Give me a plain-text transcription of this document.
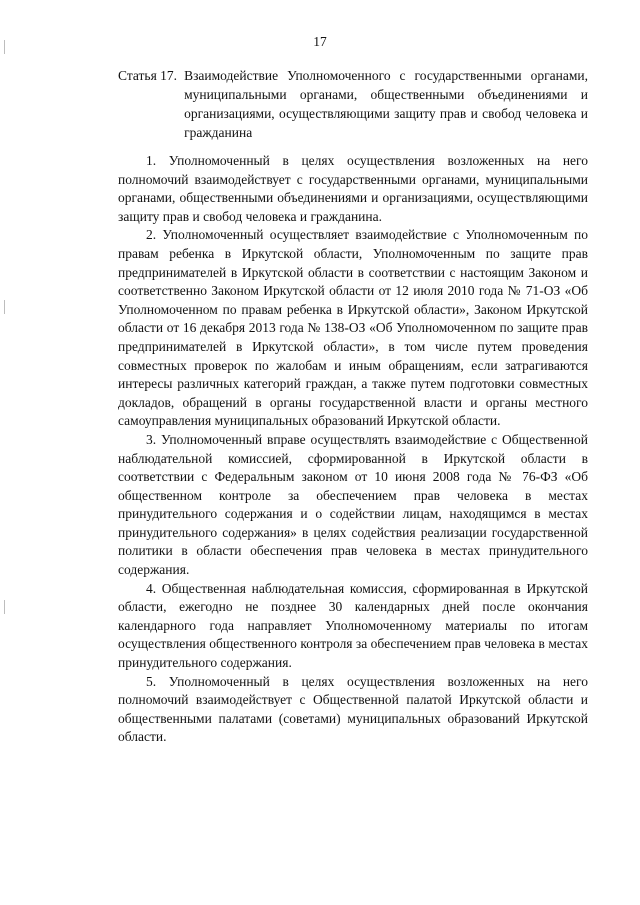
17
Статья 17. Взаимодействие Уполномоченного с государственными органами, муниципальными органами, общественными объединениями и организациями, осуществляющими защиту прав и свобод человека и гражданина

1. Уполномоченный в целях осуществления возложенных на него полномочий взаимодействует с государственными органами, муниципальными органами, общественными объединениями и организациями, осуществляющими защиту прав и свобод человека и гражданина.

2. Уполномоченный осуществляет взаимодействие с Уполномоченным по правам ребенка в Иркутской области, Уполномоченным по защите прав предпринимателей в Иркутской области в соответствии с настоящим Законом и соответственно Законом Иркутской области от 12 июля 2010 года № 71-ОЗ «Об Уполномоченном по правам ребенка в Иркутской области», Законом Иркутской области от 16 декабря 2013 года № 138-ОЗ «Об Уполномоченном по защите прав предпринимателей в Иркутской области», в том числе путем проведения совместных проверок по жалобам и иным обращениям, если затрагиваются интересы различных категорий граждан, а также путем подготовки совместных докладов, обращений в органы государственной власти и органы местного самоуправления муниципальных образований Иркутской области.

3. Уполномоченный вправе осуществлять взаимодействие с Общественной наблюдательной комиссией, сформированной в Иркутской области в соответствии с Федеральным законом от 10 июня 2008 года № 76-ФЗ «Об общественном контроле за обеспечением прав человека в местах принудительного содержания и о содействии лицам, находящимся в местах принудительного содержания» в целях содействия реализации государственной политики в области обеспечения прав человека в местах принудительного содержания.

4. Общественная наблюдательная комиссия, сформированная в Иркутской области, ежегодно не позднее 30 календарных дней после окончания календарного года направляет Уполномоченному материалы по итогам осуществления общественного контроля за обеспечением прав человека в местах принудительного содержания.

5. Уполномоченный в целях осуществления возложенных на него полномочий взаимодействует с Общественной палатой Иркутской области и общественными палатами (советами) муниципальных образований Иркутской области.
